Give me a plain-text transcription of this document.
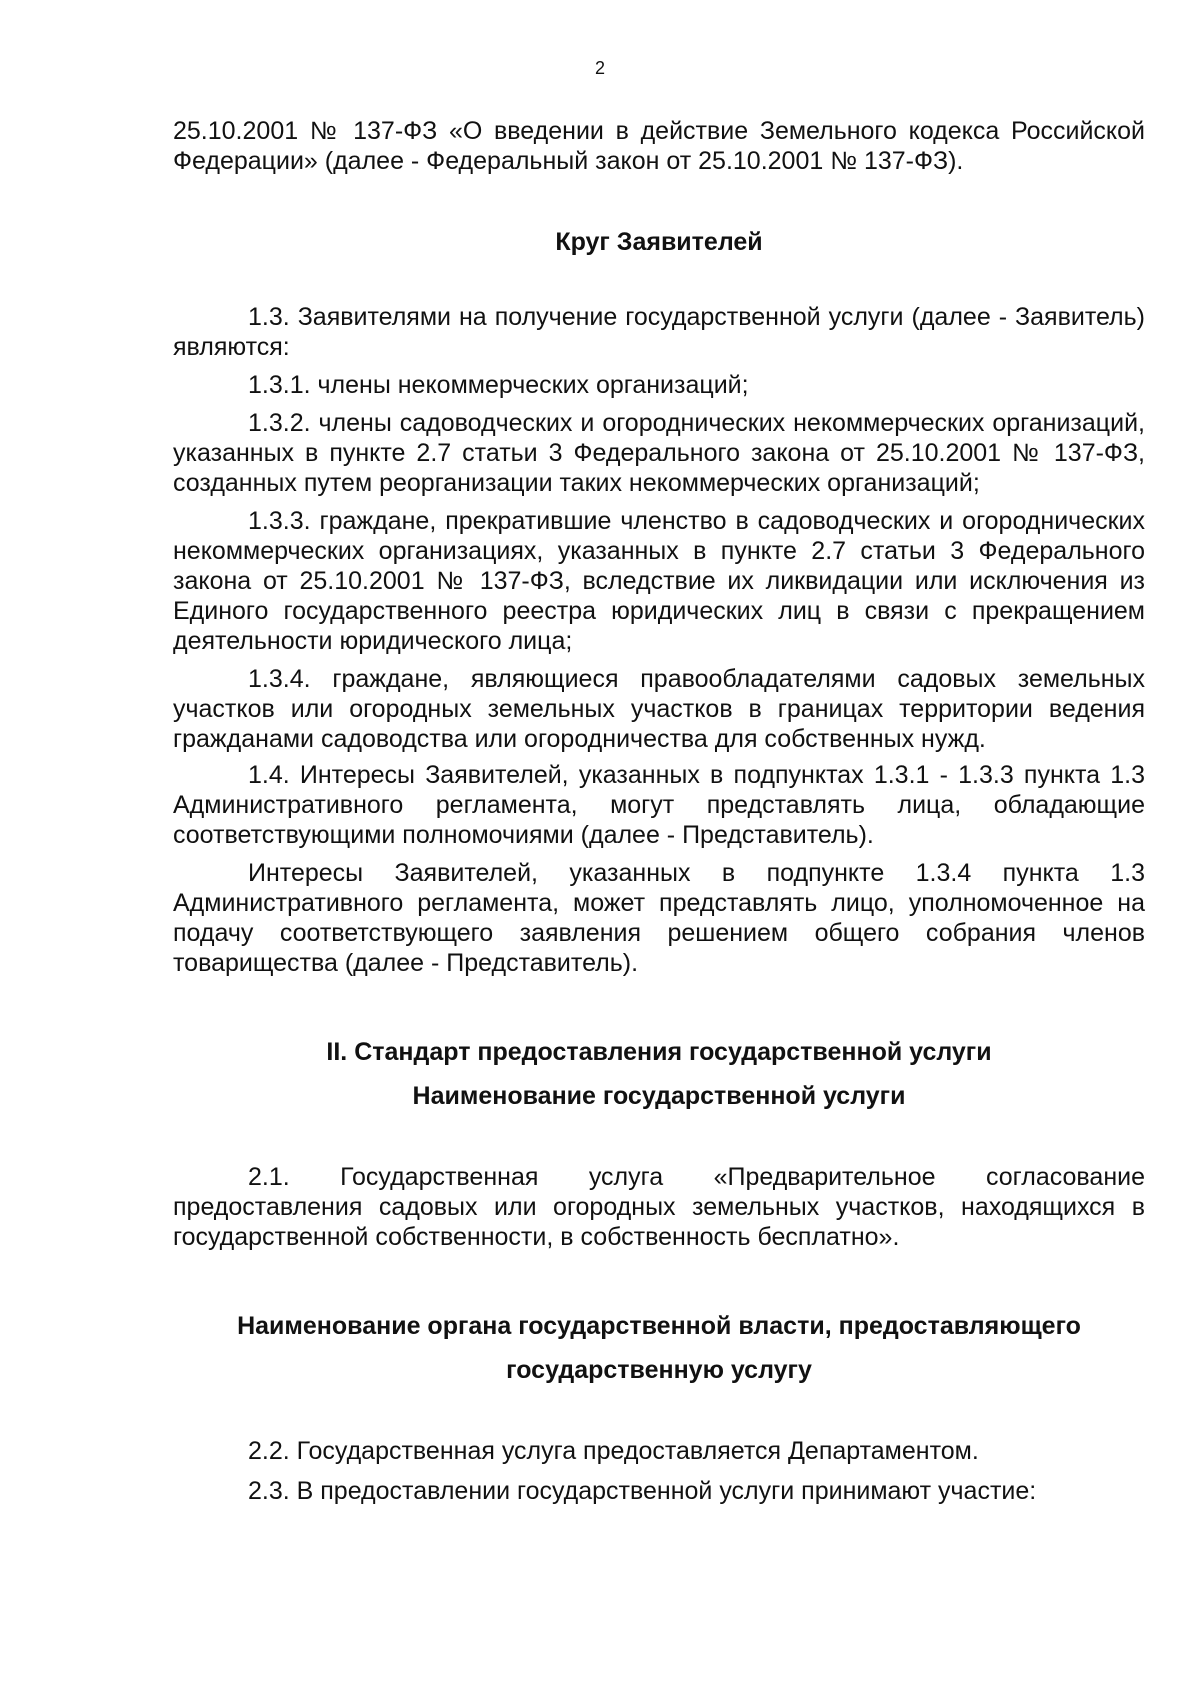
2

25.10.2001 № 137-ФЗ «О введении в действие Земельного кодекса Российской Федерации» (далее - Федеральный закон от 25.10.2001 № 137-ФЗ).

Круг Заявителей

1.3. Заявителями на получение государственной услуги (далее - Заявитель) являются:

1.3.1. члены некоммерческих организаций;

1.3.2. члены садоводческих и огороднических некоммерческих организаций, указанных в пункте 2.7 статьи 3 Федерального закона от 25.10.2001 № 137-ФЗ, созданных путем реорганизации таких некоммерческих организаций;

1.3.3. граждане, прекратившие членство в садоводческих и огороднических некоммерческих организациях, указанных в пункте 2.7 статьи 3 Федерального закона от 25.10.2001 № 137-ФЗ, вследствие их ликвидации или исключения из Единого государственного реестра юридических лиц в связи с прекращением деятельности юридического лица;

1.3.4. граждане, являющиеся правообладателями садовых земельных участков или огородных земельных участков в границах территории ведения гражданами садоводства или огородничества для собственных нужд.

1.4. Интересы Заявителей, указанных в подпунктах 1.3.1 - 1.3.3 пункта 1.3 Административного регламента, могут представлять лица, обладающие соответствующими полномочиями (далее - Представитель).

Интересы Заявителей, указанных в подпункте 1.3.4 пункта 1.3 Административного регламента, может представлять лицо, уполномоченное на подачу соответствующего заявления решением общего собрания членов товарищества (далее - Представитель).

II. Стандарт предоставления государственной услуги

Наименование государственной услуги

2.1. Государственная услуга «Предварительное согласование предоставления садовых или огородных земельных участков, находящихся в государственной собственности, в собственность бесплатно».

Наименование органа государственной власти, предоставляющего

государственную услугу

2.2. Государственная услуга предоставляется Департаментом.

2.3. В предоставлении государственной услуги принимают участие:
